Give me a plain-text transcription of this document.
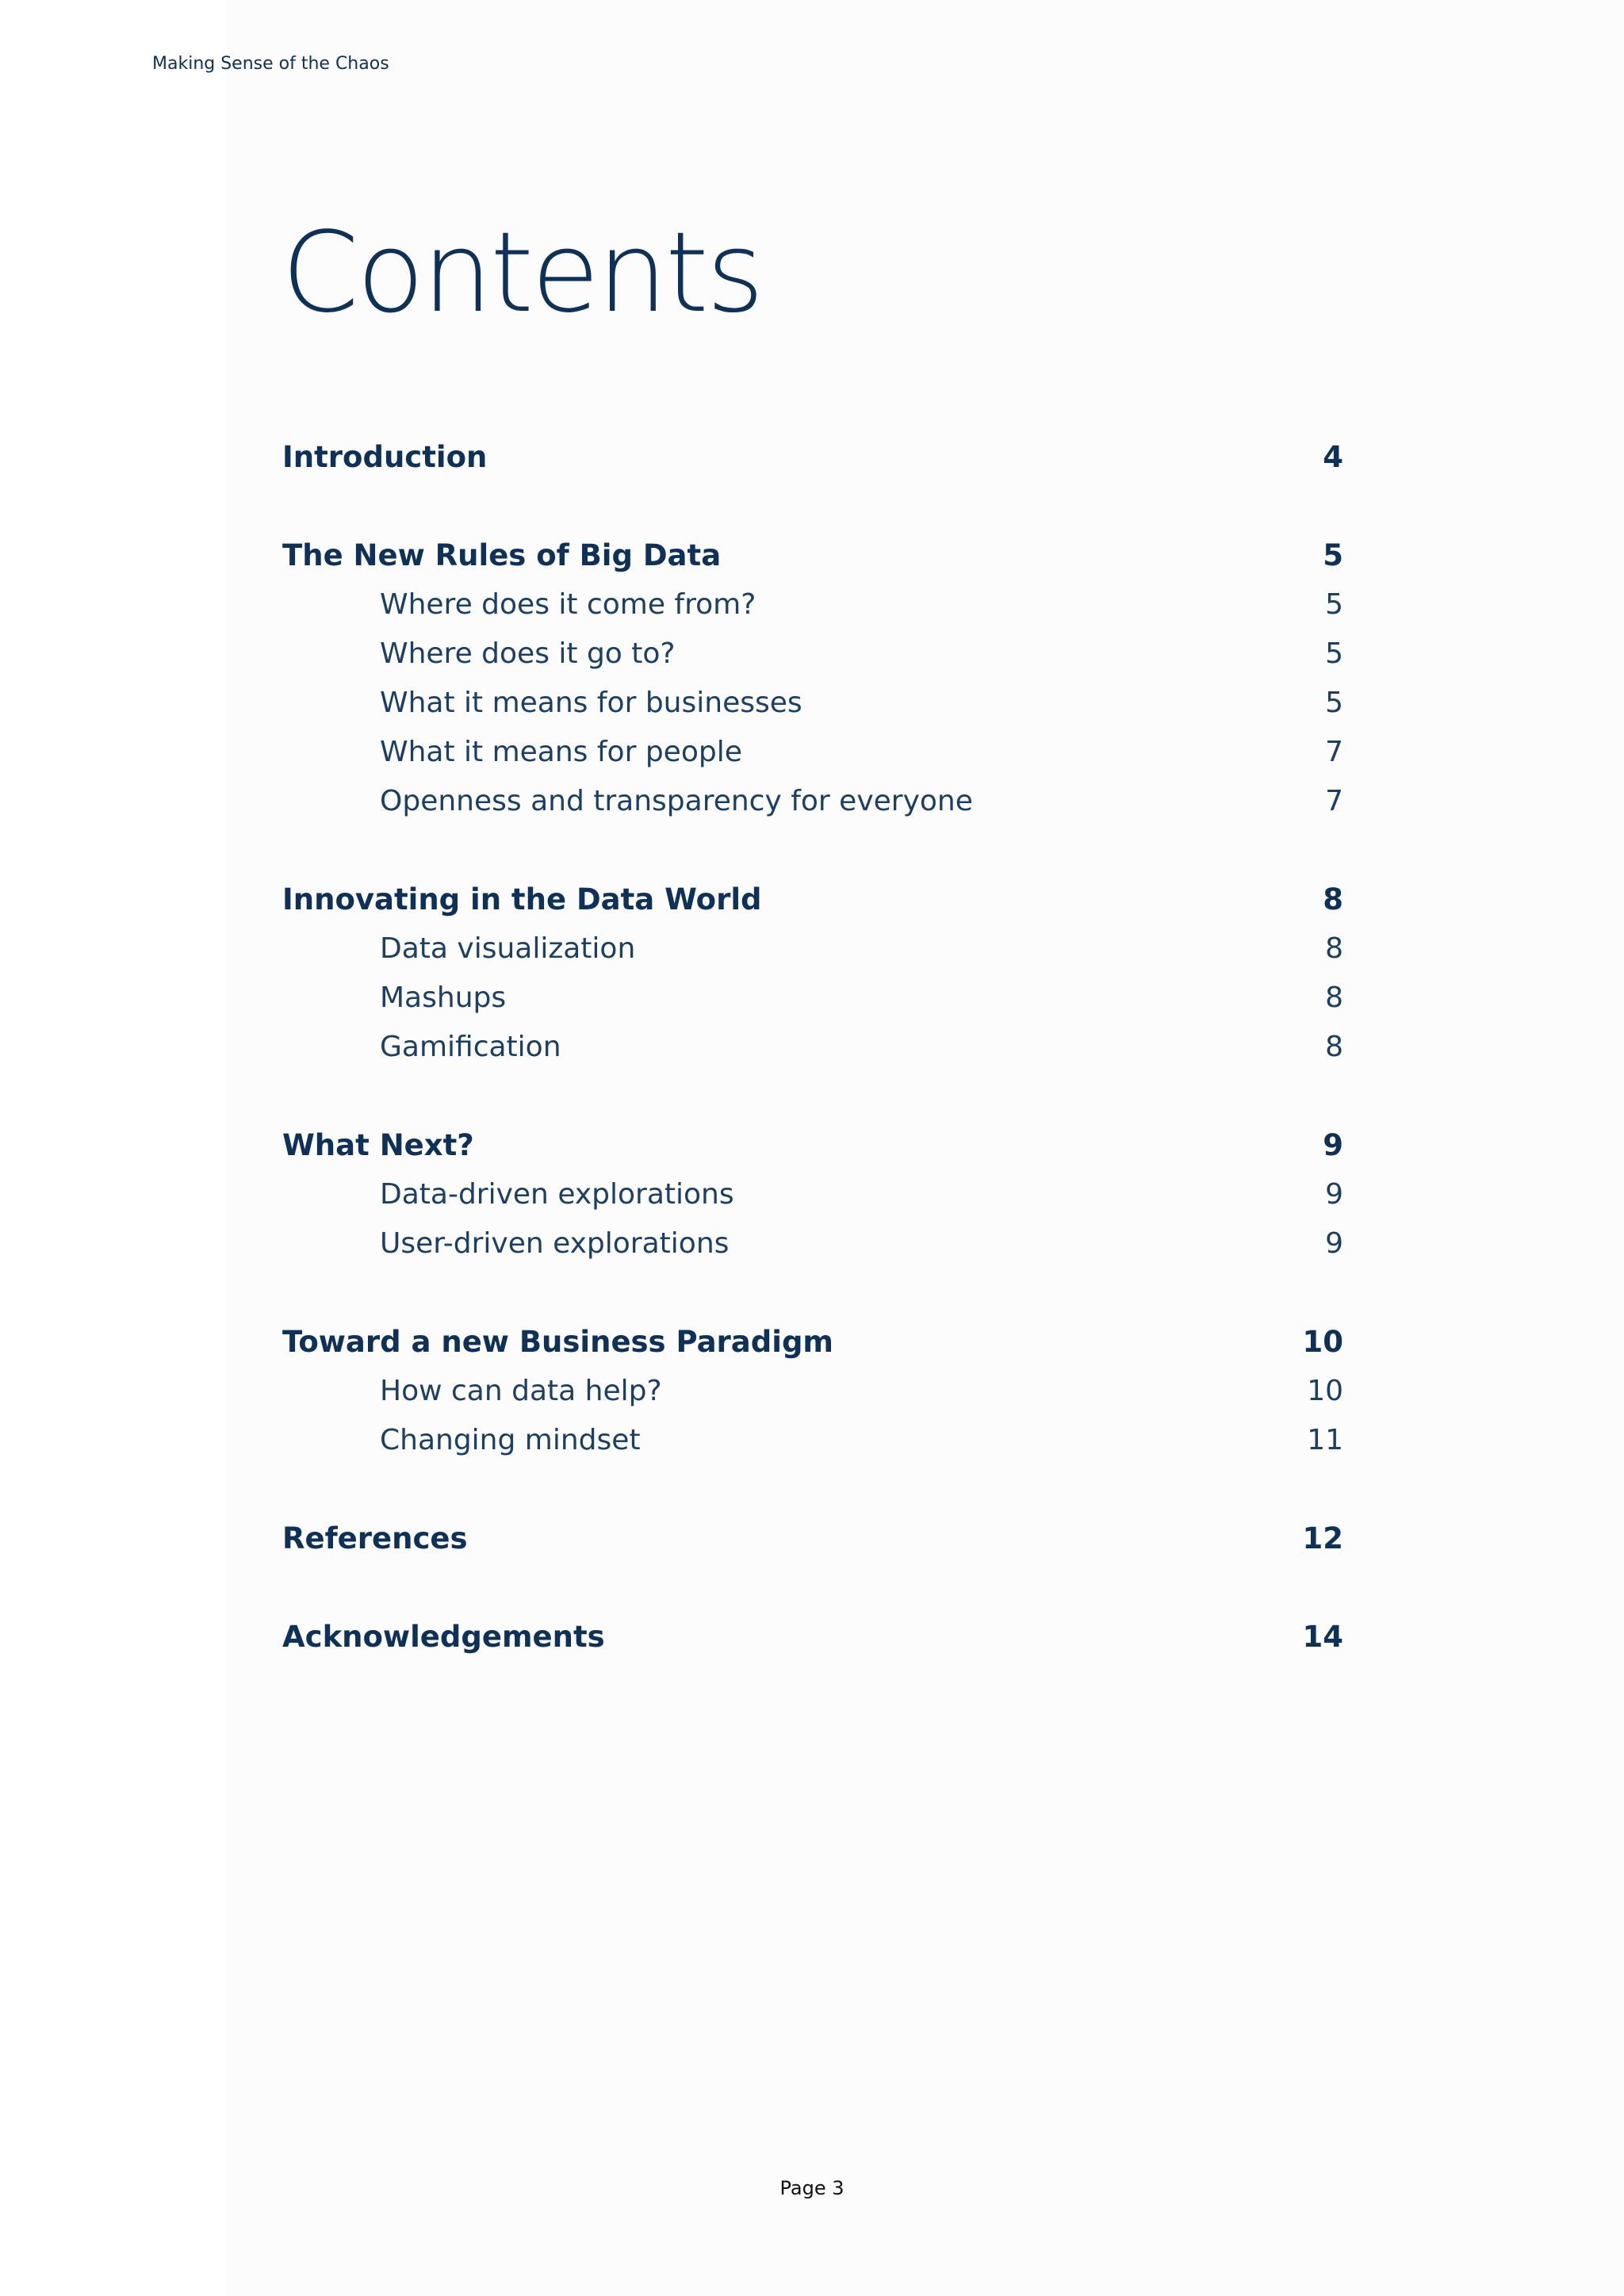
Making Sense of the Chaos
Contents
Introduction	4
The New Rules of Big Data	5
Where does it come from?	5
Where does it go to?	5
What it means for businesses	5
What it means for people	7
Openness and transparency for everyone	7
Innovating in the Data World	8
Data visualization	8
Mashups	8
Gamification	8
What Next?	9
Data-driven explorations	9
User-driven explorations	9
Toward a new Business Paradigm	10
How can data help?	10
Changing mindset	11
References	12
Acknowledgements	14
Page 3
